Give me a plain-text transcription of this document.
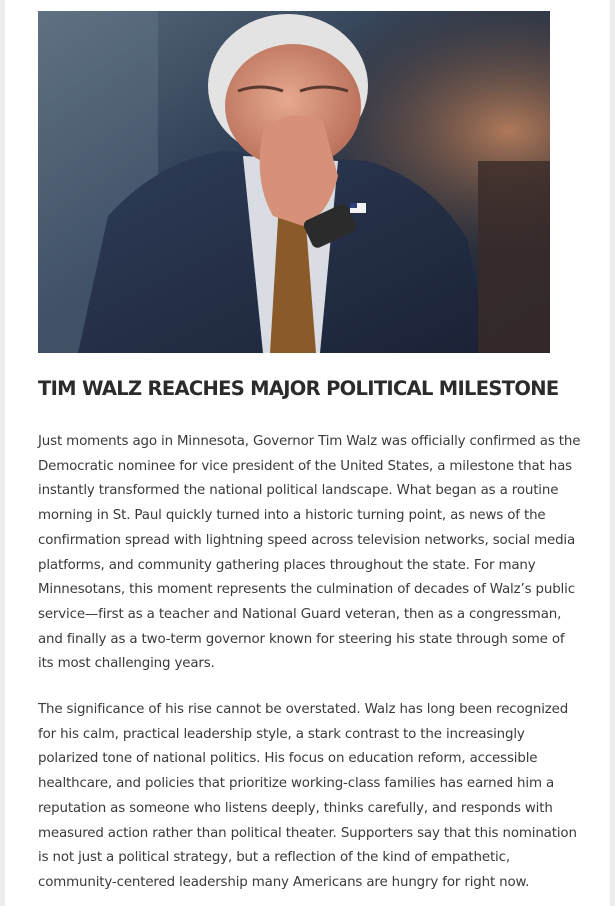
TIM WALZ REACHES MAJOR POLITICAL MILESTONE

Just moments ago in Minnesota, Governor Tim Walz was officially confirmed as the Democratic nominee for vice president of the United States, a milestone that has instantly transformed the national political landscape. What began as a routine morning in St. Paul quickly turned into a historic turning point, as news of the confirmation spread with lightning speed across television networks, social media platforms, and community gathering places throughout the state. For many Minnesotans, this moment represents the culmination of decades of Walz’s public service—first as a teacher and National Guard veteran, then as a congressman, and finally as a two-term governor known for steering his state through some of its most challenging years.

The significance of his rise cannot be overstated. Walz has long been recognized for his calm, practical leadership style, a stark contrast to the increasingly polarized tone of national politics. His focus on education reform, accessible healthcare, and policies that prioritize working-class families has earned him a reputation as someone who listens deeply, thinks carefully, and responds with measured action rather than political theater. Supporters say that this nomination is not just a political strategy, but a reflection of the kind of empathetic, community-centered leadership many Americans are hungry for right now.
